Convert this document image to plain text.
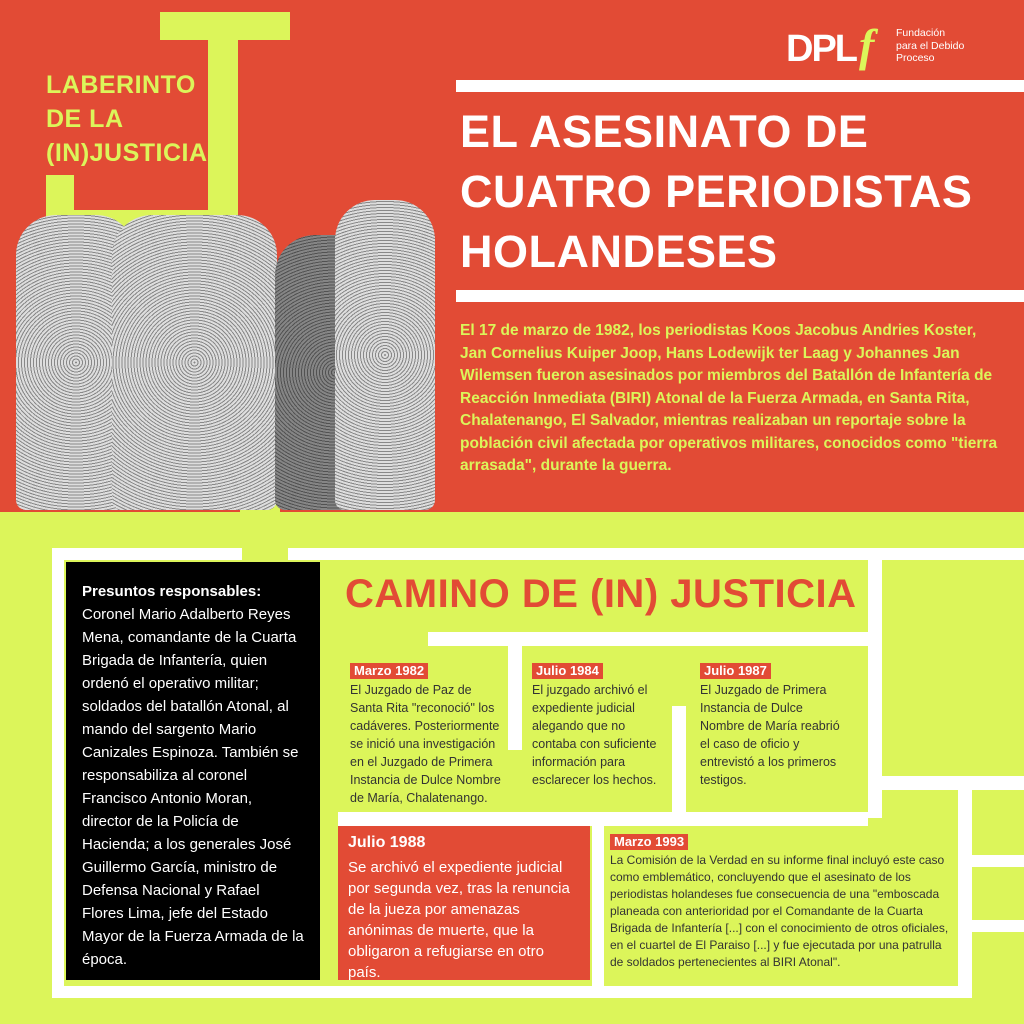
LABERINTO
DE LA
(IN)JUSTICIA
DPLf Fundación
para el Debido
Proceso
EL ASESINATO DE
CUATRO PERIODISTAS
HOLANDESES
El 17 de marzo de 1982, los periodistas Koos Jacobus Andries Koster, Jan Cornelius Kuiper Joop, Hans Lodewijk ter Laag y Johannes Jan Wilemsen fueron asesinados por miembros del Batallón de Infantería de Reacción Inmediata (BIRI) Atonal de la Fuerza Armada, en Santa Rita, Chalatenango, El Salvador, mientras realizaban un reportaje sobre la población civil afectada por operativos militares, conocidos como "tierra arrasada", durante la guerra.
Presuntos responsables:
Coronel Mario Adalberto Reyes Mena, comandante de la Cuarta Brigada de Infantería, quien ordenó el operativo militar; soldados del batallón Atonal, al mando del sargento Mario Canizales Espinoza. También se responsabiliza al coronel Francisco Antonio Moran, director de la Policía de Hacienda; a los generales José Guillermo García, ministro de Defensa Nacional y Rafael Flores Lima, jefe del Estado Mayor de la Fuerza Armada de la época.
CAMINO DE (IN) JUSTICIA
Marzo 1982

El Juzgado de Paz de Santa Rita "reconoció" los cadáveres. Posteriormente se inició una investigación en el Juzgado de Primera Instancia de Dulce Nombre de María, Chalatenango.

Julio 1984

El juzgado archivó el expediente judicial alegando que no contaba con suficiente información para esclarecer los hechos.

Julio 1987

El Juzgado de Primera Instancia de Dulce Nombre de María reabrió el caso de oficio y entrevistó a los primeros testigos.

Julio 1988
Se archivó el expediente judicial por segunda vez, tras la renuncia de la jueza por amenazas anónimas de muerte, que la obligaron a refugiarse en otro país.
Marzo 1993

La Comisión de la Verdad en su informe final incluyó este caso como emblemático, concluyendo que el asesinato de los periodistas holandeses fue consecuencia de una "emboscada planeada con anterioridad por el Comandante de la Cuarta Brigada de Infantería [...] con el conocimiento de otros oficiales, en el cuartel de El Paraiso [...] y fue ejecutada por una patrulla de soldados pertenecientes al BIRI Atonal".
